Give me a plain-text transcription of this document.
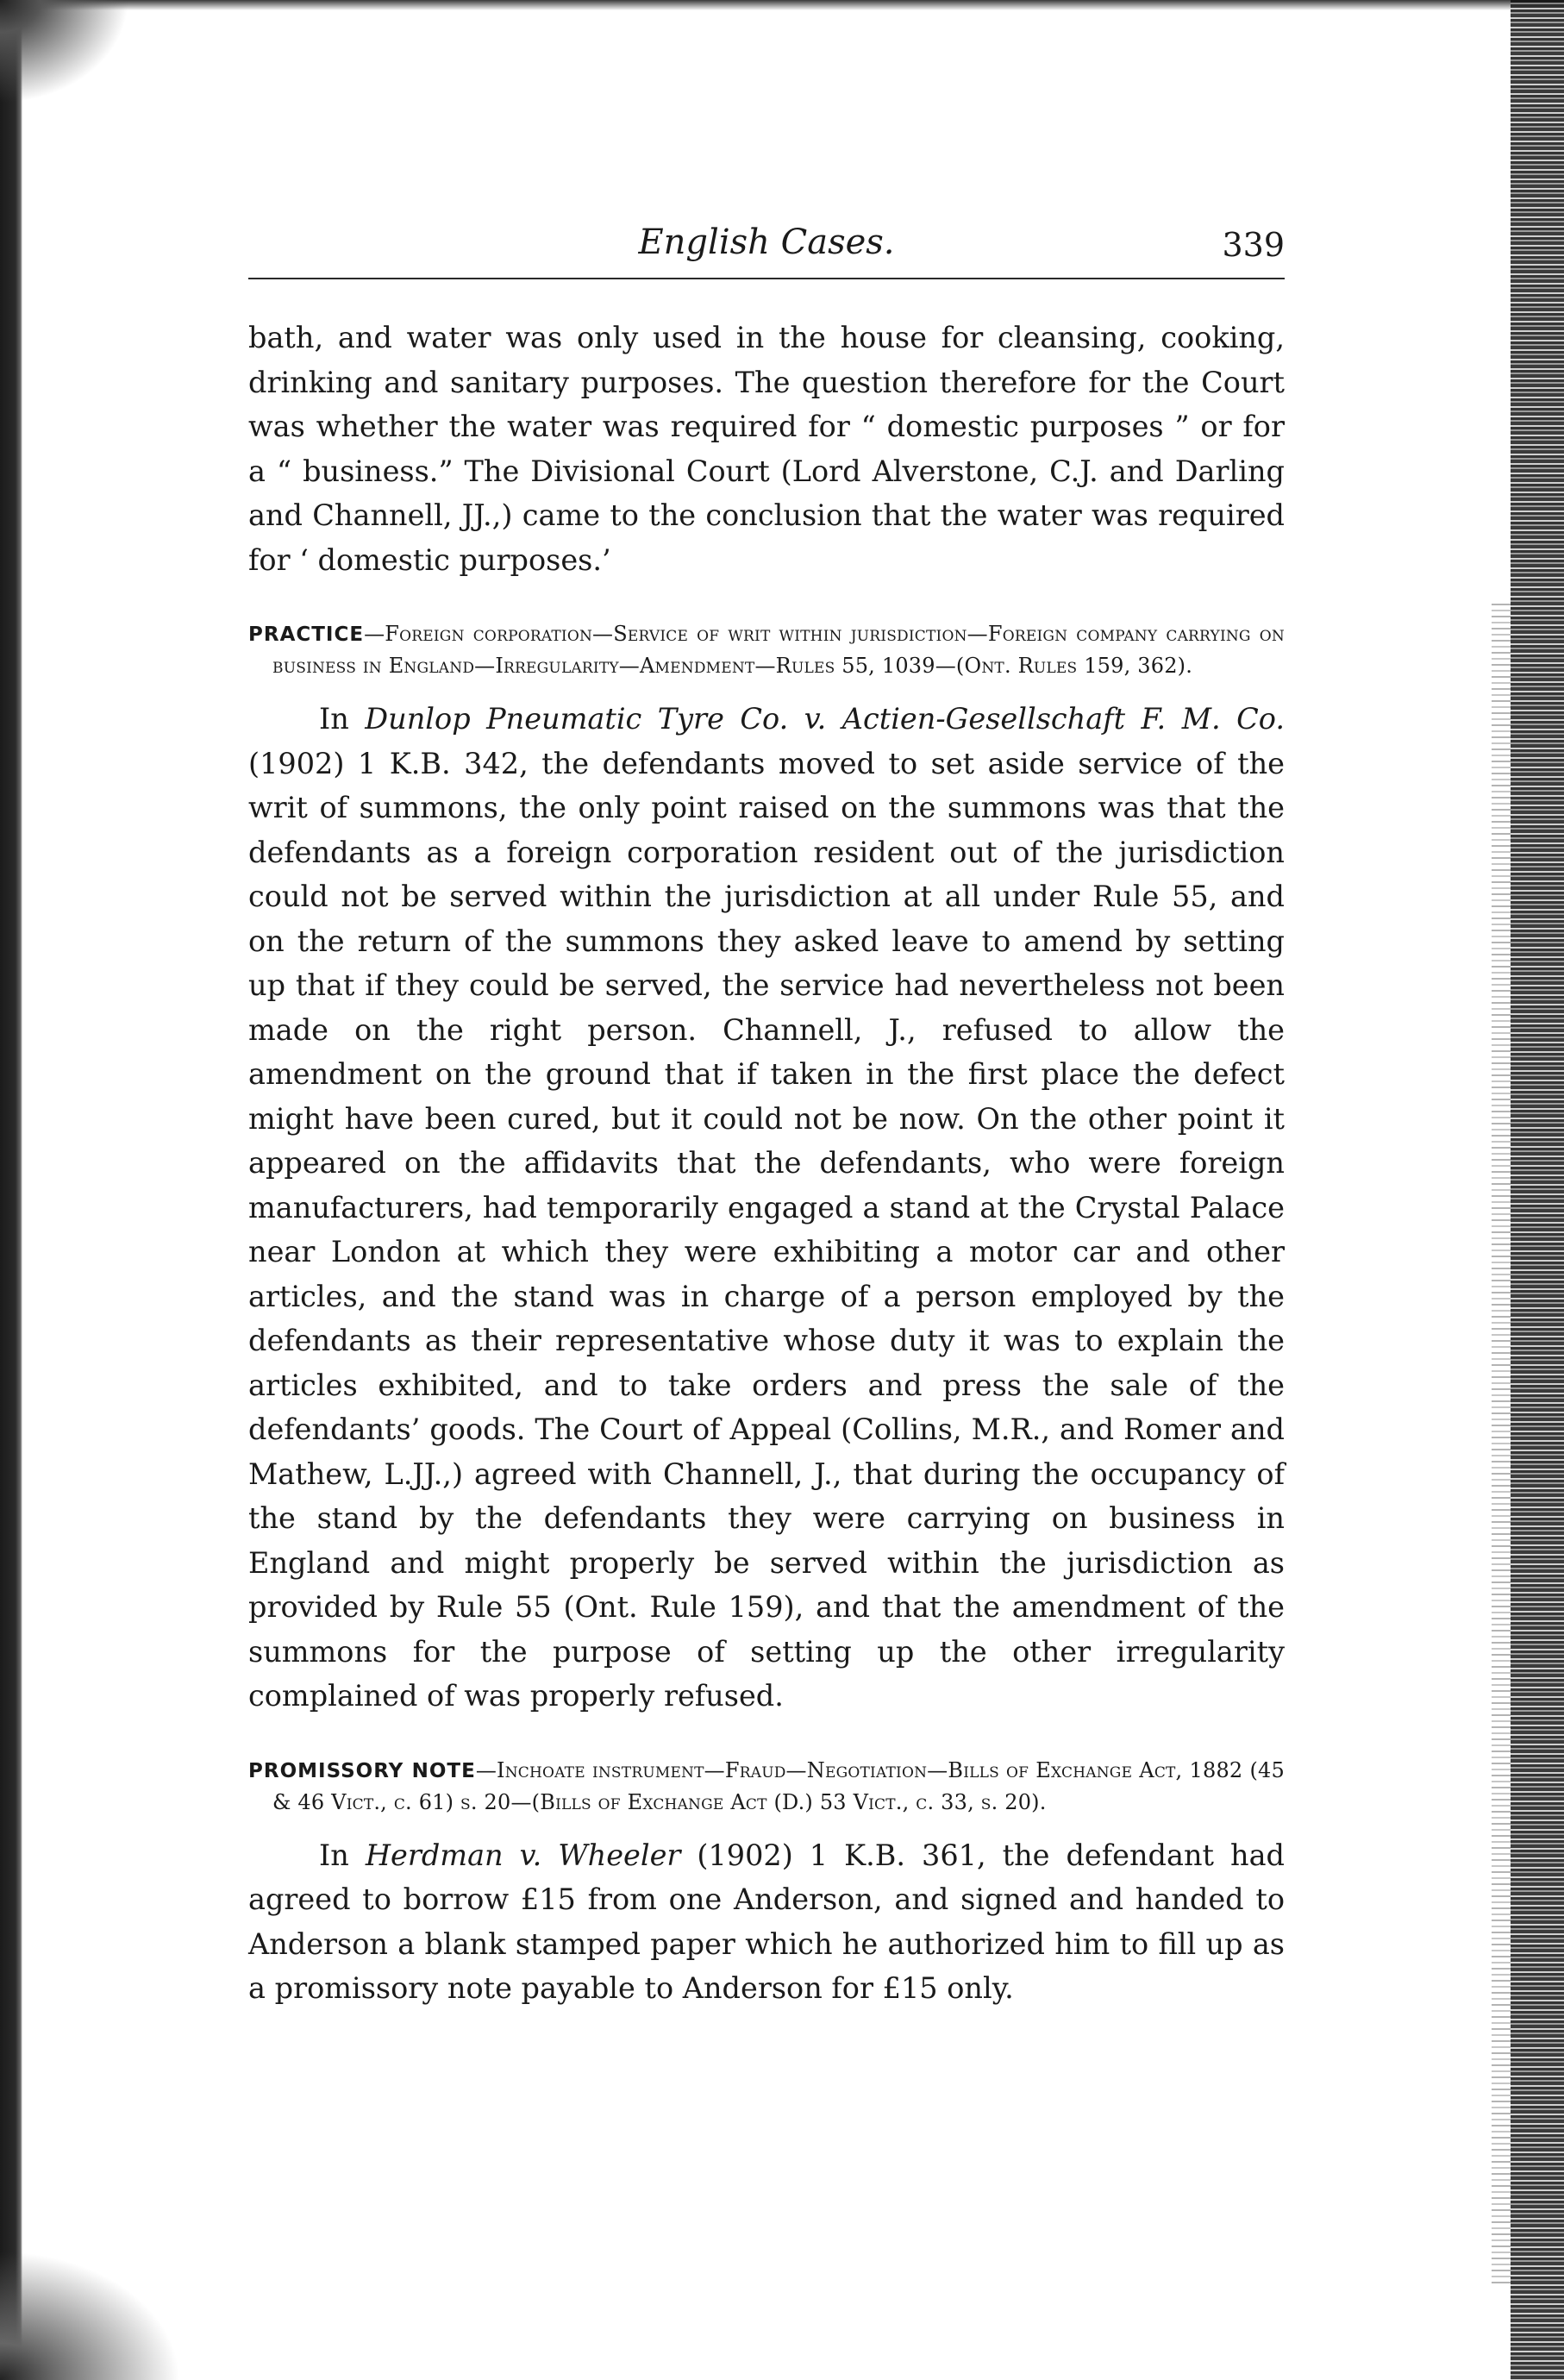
English Cases.	339

bath, and water was only used in the house for cleansing, cooking, drinking and sanitary purposes. The question therefore for the Court was whether the water was required for “ domestic purposes ” or for a “ business.” The Divisional Court (Lord Alverstone, C.J. and Darling and Channell, JJ.,) came to the conclusion that the water was required for ‘ domestic purposes.’

PRACTICE—Foreign corporation—Service of writ within jurisdiction—Foreign company carrying on business in England—Irregularity—Amendment—Rules 55, 1039—(Ont. Rules 159, 362).

In Dunlop Pneumatic Tyre Co. v. Actien-Gesellschaft F. M. Co. (1902) 1 K.B. 342, the defendants moved to set aside service of the writ of summons, the only point raised on the summons was that the defendants as a foreign corporation resident out of the jurisdiction could not be served within the jurisdiction at all under Rule 55, and on the return of the summons they asked leave to amend by setting up that if they could be served, the service had nevertheless not been made on the right person. Channell, J., refused to allow the amendment on the ground that if taken in the first place the defect might have been cured, but it could not be now. On the other point it appeared on the affidavits that the defendants, who were foreign manufacturers, had temporarily engaged a stand at the Crystal Palace near London at which they were exhibiting a motor car and other articles, and the stand was in charge of a person employed by the defendants as their representative whose duty it was to explain the articles exhibited, and to take orders and press the sale of the defendants’ goods. The Court of Appeal (Collins, M.R., and Romer and Mathew, L.JJ.,) agreed with Channell, J., that during the occupancy of the stand by the defendants they were carrying on business in England and might properly be served within the jurisdiction as provided by Rule 55 (Ont. Rule 159), and that the amendment of the summons for the purpose of setting up the other irregularity complained of was properly refused.

PROMISSORY NOTE—Inchoate instrument—Fraud—Negotiation—Bills of Exchange Act, 1882 (45 & 46 Vict., c. 61) s. 20—(Bills of Exchange Act (D.) 53 Vict., c. 33, s. 20).

In Herdman v. Wheeler (1902) 1 K.B. 361, the defendant had agreed to borrow £15 from one Anderson, and signed and handed to Anderson a blank stamped paper which he authorized him to fill up as a promissory note payable to Anderson for £15 only.
